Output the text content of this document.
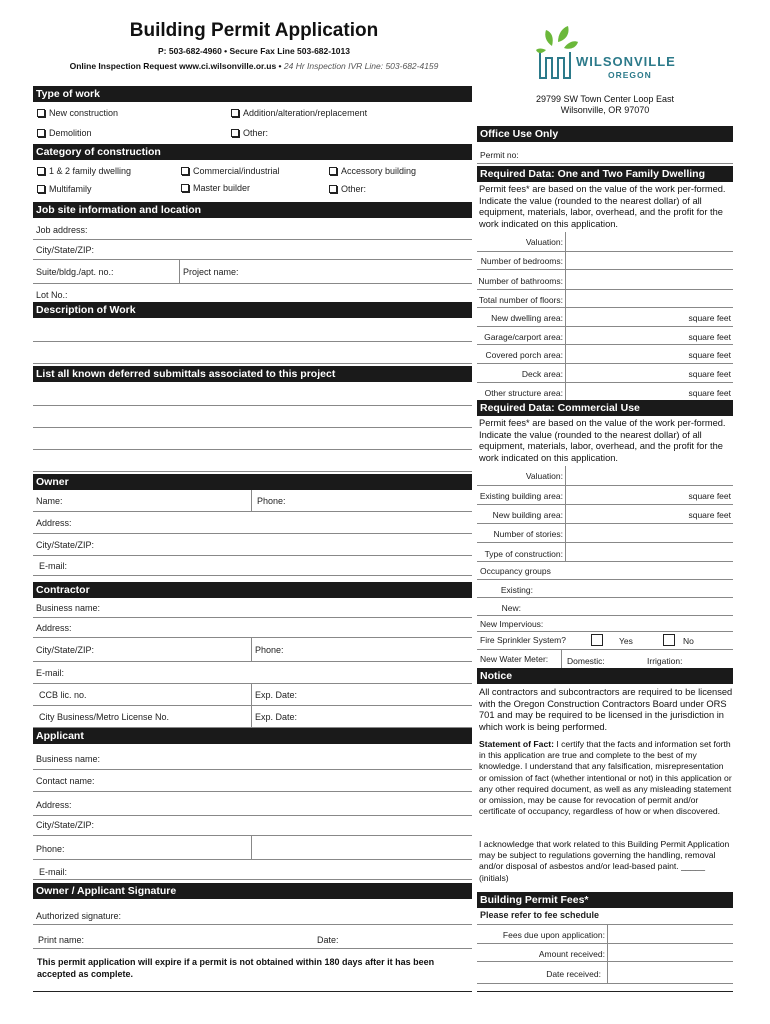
Building Permit Application
P: 503-682-4960 • Secure Fax Line 503-682-1013
Online Inspection Request www.ci.wilsonville.or.us • 24 Hr Inspection IVR Line: 503-682-4159	WILSONVILLE
OREGON
29799 SW Town Center Loop East
Wilsonville, OR 97070
Type of work
New construction	Addition/alteration/replacement
Demolition	Other:
Category of construction
1 & 2 family dwelling	Commercial/industrial	Accessory building
Multifamily	Master builder	Other:
Job site information and location
Job address:
City/State/ZIP:
Suite/bldg./apt. no.:	Project name:
Lot No.:
Description of Work
List all known deferred submittals associated to this project
Owner
Name:	Phone:
Address:
City/State/ZIP:
E-mail:
Contractor
Business name:
Address:
City/State/ZIP:	Phone:
E-mail:
CCB lic. no.	Exp. Date:
City Business/Metro License No.	Exp. Date:
Applicant
Business name:
Contact name:
Address:
City/State/ZIP:
Phone:
E-mail:
Owner / Applicant Signature
Authorized signature:
Print name:	Date:
This permit application will expire if a permit is not obtained within 180 days after it has been accepted as complete.
Office Use Only
Permit no:
Required Data: One and Two Family Dwelling
Permit fees* are based on the value of the work per-formed. Indicate the value (rounded to the nearest dollar) of all equipment, materials, labor, overhead, and the profit for the work indicated on this application.
Valuation:
Number of bedrooms:
Number of bathrooms:
Total number of floors:
New dwelling area:	square feet
Garage/carport area:	square feet
Covered porch area:	square feet
Deck area:	square feet
Other structure area:	square feet
Required Data: Commercial Use
Permit fees* are based on the value of the work per-formed. Indicate the value (rounded to the nearest dollar) of all equipment, materials, labor, overhead, and the profit for the work indicated on this application.
Valuation:
Existing building area:	square feet
New building area:	square feet
Number of stories:
Type of construction:
Occupancy groups
Existing:
New:
New Impervious:
Fire Sprinkler System?	Yes	No
New Water Meter: Domestic:	Irrigation:
Notice
All contractors and subcontractors are required to be licensed with the Oregon Construction Contractors Board under ORS 701 and may be required to be licensed in the jurisdiction in which work is being performed.
Statement of Fact: I certify that the facts and information set forth in this application are true and complete to the best of my knowledge. I understand that any falsification, misrepresentation or omission of fact (whether intentional or not) in this application or any other required document, as well as any misleading statement or omission, may be cause for revocation of permit and/or certificate of occupancy, regardless of how or when discovered.
I acknowledge that work related to this Building Permit Application may be subject to regulations governing the handling, removal and/or disposal of asbestos and/or lead-based paint. _____ (initials)
Building Permit Fees*
Please refer to fee schedule
Fees due upon application:
Amount received:
Date received:
